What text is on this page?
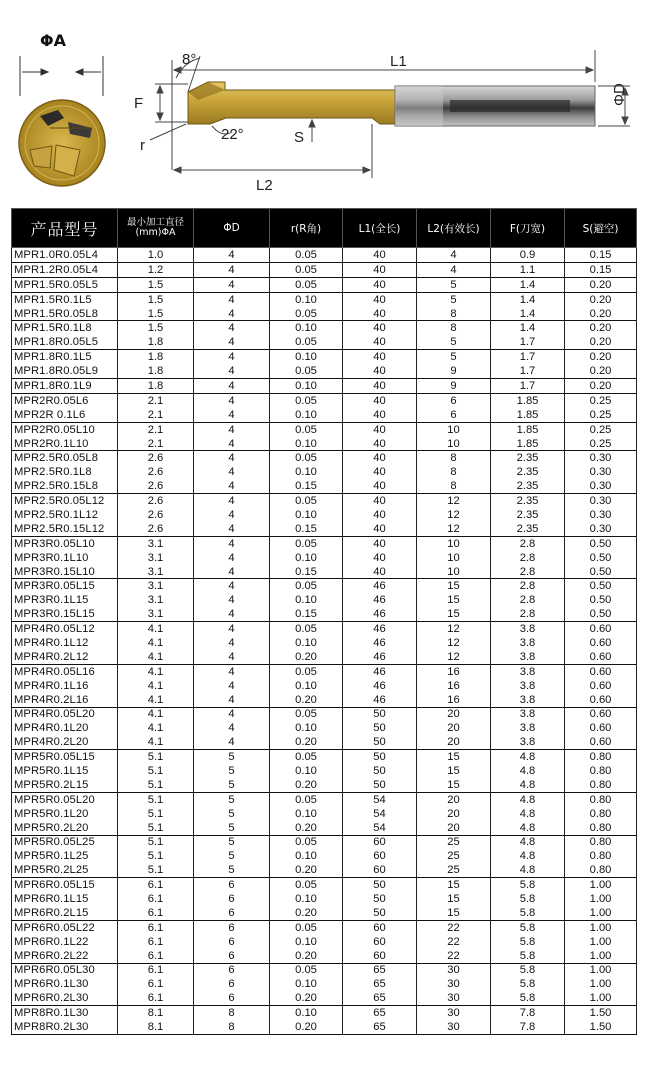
ΦA
8°	L1
F
r
22°	S
L2
ΦD
产品型号	最小加工直径(mm)ΦA	ΦD	r(R角)	L1(全长)	L2(有效长)	F(刀宽)	S(避空)
MPR1.0R0.05L4	1.0	4	0.05	40	4	0.9	0.15
MPR1.2R0.05L4	1.2	4	0.05	40	4	1.1	0.15
MPR1.5R0.05L5	1.5	4	0.05	40	5	1.4	0.20
MPR1.5R0.1L5	1.5	4	0.10	40	5	1.4	0.20
MPR1.5R0.05L8	1.5	4	0.05	40	8	1.4	0.20
MPR1.5R0.1L8	1.5	4	0.10	40	8	1.4	0.20
MPR1.8R0.05L5	1.8	4	0.05	40	5	1.7	0.20
MPR1.8R0.1L5	1.8	4	0.10	40	5	1.7	0.20
MPR1.8R0.05L9	1.8	4	0.05	40	9	1.7	0.20
MPR1.8R0.1L9	1.8	4	0.10	40	9	1.7	0.20
MPR2R0.05L6	2.1	4	0.05	40	6	1.85	0.25
MPR2R 0.1L6	2.1	4	0.10	40	6	1.85	0.25
MPR2R0.05L10	2.1	4	0.05	40	10	1.85	0.25
MPR2R0.1L10	2.1	4	0.10	40	10	1.85	0.25
MPR2.5R0.05L8	2.6	4	0.05	40	8	2.35	0.30
MPR2.5R0.1L8	2.6	4	0.10	40	8	2.35	0.30
MPR2.5R0.15L8	2.6	4	0.15	40	8	2.35	0.30
MPR2.5R0.05L12	2.6	4	0.05	40	12	2.35	0.30
MPR2.5R0.1L12	2.6	4	0.10	40	12	2.35	0.30
MPR2.5R0.15L12	2.6	4	0.15	40	12	2.35	0.30
MPR3R0.05L10	3.1	4	0.05	40	10	2.8	0.50
MPR3R0.1L10	3.1	4	0.10	40	10	2.8	0.50
MPR3R0.15L10	3.1	4	0.15	40	10	2.8	0.50
MPR3R0.05L15	3.1	4	0.05	46	15	2.8	0.50
MPR3R0.1L15	3.1	4	0.10	46	15	2.8	0.50
MPR3R0.15L15	3.1	4	0.15	46	15	2.8	0.50
MPR4R0.05L12	4.1	4	0.05	46	12	3.8	0.60
MPR4R0.1L12	4.1	4	0.10	46	12	3.8	0.60
MPR4R0.2L12	4.1	4	0.20	46	12	3.8	0.60
MPR4R0.05L16	4.1	4	0.05	46	16	3.8	0.60
MPR4R0.1L16	4.1	4	0.10	46	16	3.8	0.60
MPR4R0.2L16	4.1	4	0.20	46	16	3.8	0.60
MPR4R0.05L20	4.1	4	0.05	50	20	3.8	0.60
MPR4R0.1L20	4.1	4	0.10	50	20	3.8	0.60
MPR4R0.2L20	4.1	4	0.20	50	20	3.8	0.60
MPR5R0.05L15	5.1	5	0.05	50	15	4.8	0.80
MPR5R0.1L15	5.1	5	0.10	50	15	4.8	0.80
MPR5R0.2L15	5.1	5	0.20	50	15	4.8	0.80
MPR5R0.05L20	5.1	5	0.05	54	20	4.8	0.80
MPR5R0.1L20	5.1	5	0.10	54	20	4.8	0.80
MPR5R0.2L20	5.1	5	0.20	54	20	4.8	0.80
MPR5R0.05L25	5.1	5	0.05	60	25	4.8	0.80
MPR5R0.1L25	5.1	5	0.10	60	25	4.8	0.80
MPR5R0.2L25	5.1	5	0.20	60	25	4.8	0.80
MPR6R0.05L15	6.1	6	0.05	50	15	5.8	1.00
MPR6R0.1L15	6.1	6	0.10	50	15	5.8	1.00
MPR6R0.2L15	6.1	6	0.20	50	15	5.8	1.00
MPR6R0.05L22	6.1	6	0.05	60	22	5.8	1.00
MPR6R0.1L22	6.1	6	0.10	60	22	5.8	1.00
MPR6R0.2L22	6.1	6	0.20	60	22	5.8	1.00
MPR6R0.05L30	6.1	6	0.05	65	30	5.8	1.00
MPR6R0.1L30	6.1	6	0.10	65	30	5.8	1.00
MPR6R0.2L30	6.1	6	0.20	65	30	5.8	1.00
MPR8R0.1L30	8.1	8	0.10	65	30	7.8	1.50
MPR8R0.2L30	8.1	8	0.20	65	30	7.8	1.50
